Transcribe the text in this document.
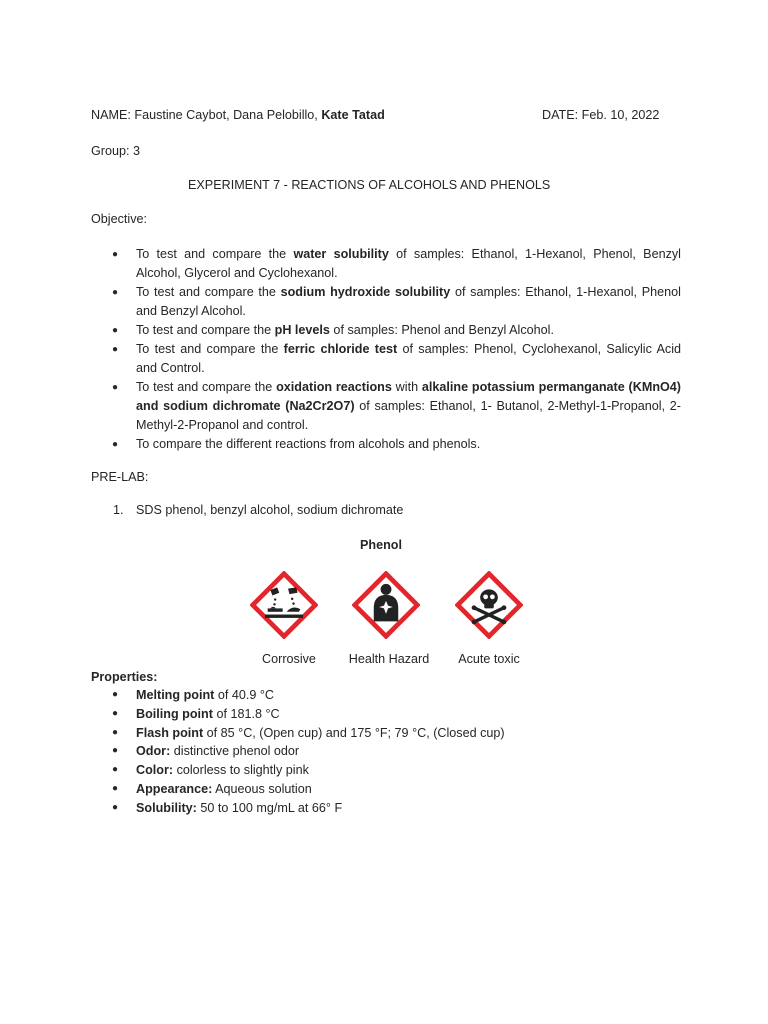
NAME: Faustine Caybot, Dana Pelobillo, Kate Tatad	DATE: Feb. 10, 2022
Group: 3
EXPERIMENT 7 - REACTIONS OF ALCOHOLS AND PHENOLS
Objective:
● To test and compare the water solubility of samples: Ethanol, 1-Hexanol, Phenol, Benzyl Alcohol, Glycerol and Cyclohexanol.
● To test and compare the sodium hydroxide solubility of samples: Ethanol, 1-Hexanol, Phenol and Benzyl Alcohol.
● To test and compare the pH levels of samples: Phenol and Benzyl Alcohol.
● To test and compare the ferric chloride test of samples: Phenol, Cyclohexanol, Salicylic Acid and Control.
● To test and compare the oxidation reactions with alkaline potassium permanganate (KMnO4) and sodium dichromate (Na2Cr2O7) of samples: Ethanol, 1- Butanol, 2-Methyl-1-Propanol, 2-Methyl-2-Propanol and control.
● To compare the different reactions from alcohols and phenols.
PRE-LAB:
1. SDS phenol, benzyl alcohol, sodium dichromate
Phenol
Corrosive	Health Hazard	Acute toxic
Properties:
● Melting point of 40.9 °C
● Boiling point of 181.8 °C
● Flash point of 85 °C, (Open cup) and 175 °F; 79 °C, (Closed cup)
● Odor: distinctive phenol odor
● Color: colorless to slightly pink
● Appearance: Aqueous solution
● Solubility: 50 to 100 mg/mL at 66° F
